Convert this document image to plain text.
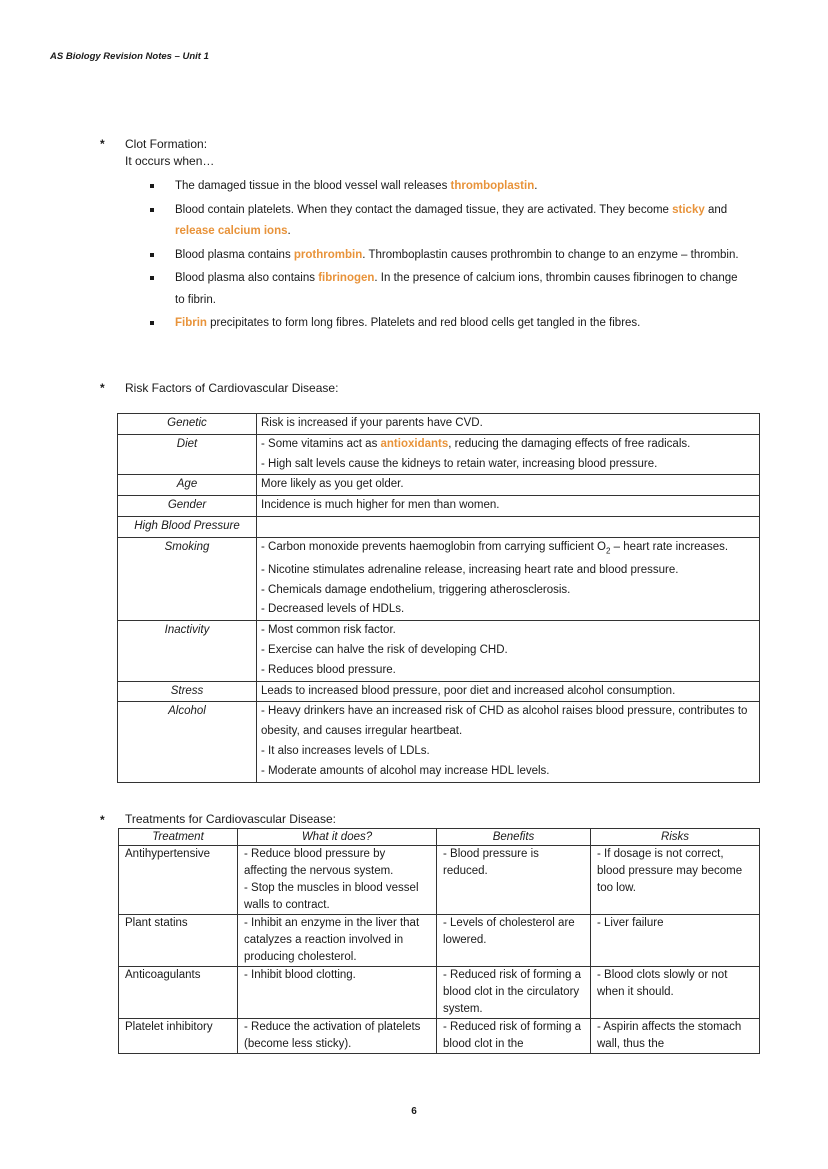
AS Biology Revision Notes – Unit 1
* Clot Formation:
It occurs when…
The damaged tissue in the blood vessel wall releases thromboplastin.
Blood contain platelets. When they contact the damaged tissue, they are activated. They become sticky and release calcium ions.
Blood plasma contains prothrombin. Thromboplastin causes prothrombin to change to an enzyme – thrombin.
Blood plasma also contains fibrinogen. In the presence of calcium ions, thrombin causes fibrinogen to change to fibrin.
Fibrin precipitates to form long fibres. Platelets and red blood cells get tangled in the fibres.
* Risk Factors of Cardiovascular Disease:
Genetic	Risk is increased if your parents have CVD.
Diet	- Some vitamins act as antioxidants, reducing the damaging effects of free radicals.
- High salt levels cause the kidneys to retain water, increasing blood pressure.
Age	More likely as you get older.
Gender	Incidence is much higher for men than women.
High Blood Pressure	
Smoking	- Carbon monoxide prevents haemoglobin from carrying sufficient $O_2$ – heart rate increases.
- Nicotine stimulates adrenaline release, increasing heart rate and blood pressure.
- Chemicals damage endothelium, triggering atherosclerosis.
- Decreased levels of HDLs.
Inactivity	- Most common risk factor.
- Exercise can halve the risk of developing CHD.
- Reduces blood pressure.
Stress	Leads to increased blood pressure, poor diet and increased alcohol consumption.
Alcohol	- Heavy drinkers have an increased risk of CHD as alcohol raises blood pressure, contributes to obesity, and causes irregular heartbeat.
- It also increases levels of LDLs.
- Moderate amounts of alcohol may increase HDL levels.
* Treatments for Cardiovascular Disease:
Treatment	What it does?	Benefits	Risks
Antihypertensive	- Reduce blood pressure by affecting the nervous system.
- Stop the muscles in blood vessel walls to contract.	- Blood pressure is reduced.	- If dosage is not correct, blood pressure may become too low.
Plant statins	- Inhibit an enzyme in the liver that catalyzes a reaction involved in producing cholesterol.	- Levels of cholesterol are lowered.	- Liver failure
Anticoagulants	- Inhibit blood clotting.	- Reduced risk of forming a blood clot in the circulatory system.	- Blood clots slowly or not when it should.
Platelet inhibitory	- Reduce the activation of platelets (become less sticky).	- Reduced risk of forming a blood clot in the	- Aspirin affects the stomach wall, thus the
6
